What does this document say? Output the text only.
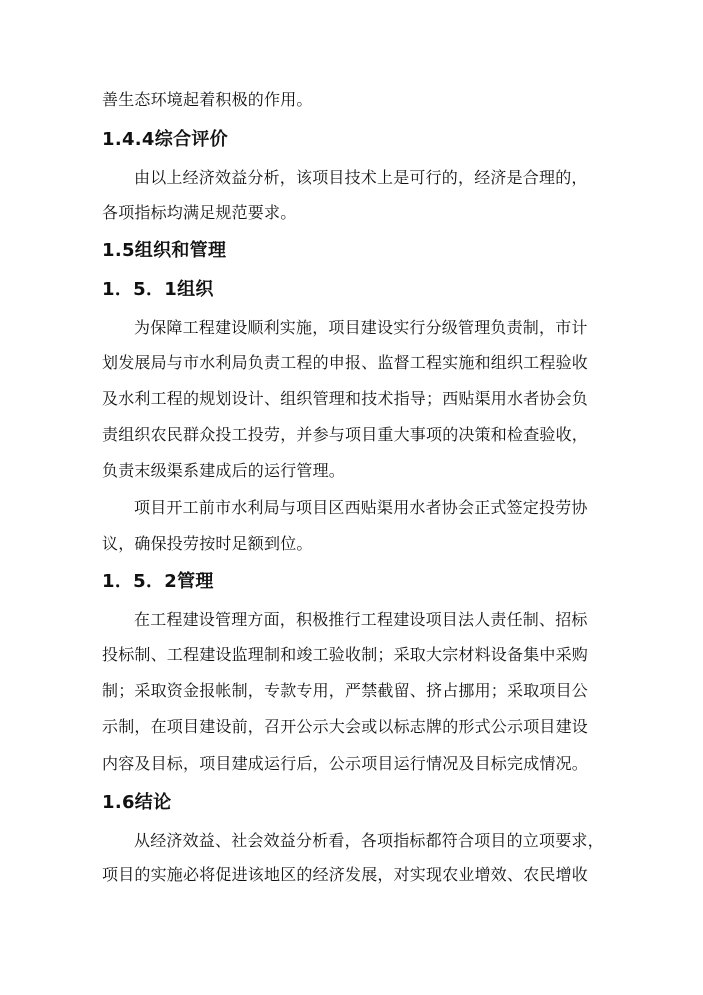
善生态环境起着积极的作用。
1.4.4综合评价
由以上经济效益分析，该项目技术上是可行的，经济是合理的，
各项指标均满足规范要求。
1.5组织和管理
1．5．1组织
为保障工程建设顺利实施，项目建设实行分级管理负责制，市计
划发展局与市水利局负责工程的申报、监督工程实施和组织工程验收
及水利工程的规划设计、组织管理和技术指导；西贴渠用水者协会负
责组织农民群众投工投劳，并参与项目重大事项的决策和检查验收，
负责末级渠系建成后的运行管理。
项目开工前市水利局与项目区西贴渠用水者协会正式签定投劳协
议，确保投劳按时足额到位。
1．5．2管理
在工程建设管理方面，积极推行工程建设项目法人责任制、招标
投标制、工程建设监理制和竣工验收制；采取大宗材料设备集中采购
制；采取资金报帐制，专款专用，严禁截留、挤占挪用；采取项目公
示制，在项目建设前，召开公示大会或以标志牌的形式公示项目建设
内容及目标，项目建成运行后，公示项目运行情况及目标完成情况。
1.6结论
从经济效益、社会效益分析看，各项指标都符合项目的立项要求，
项目的实施必将促进该地区的经济发展，对实现农业增效、农民增收
